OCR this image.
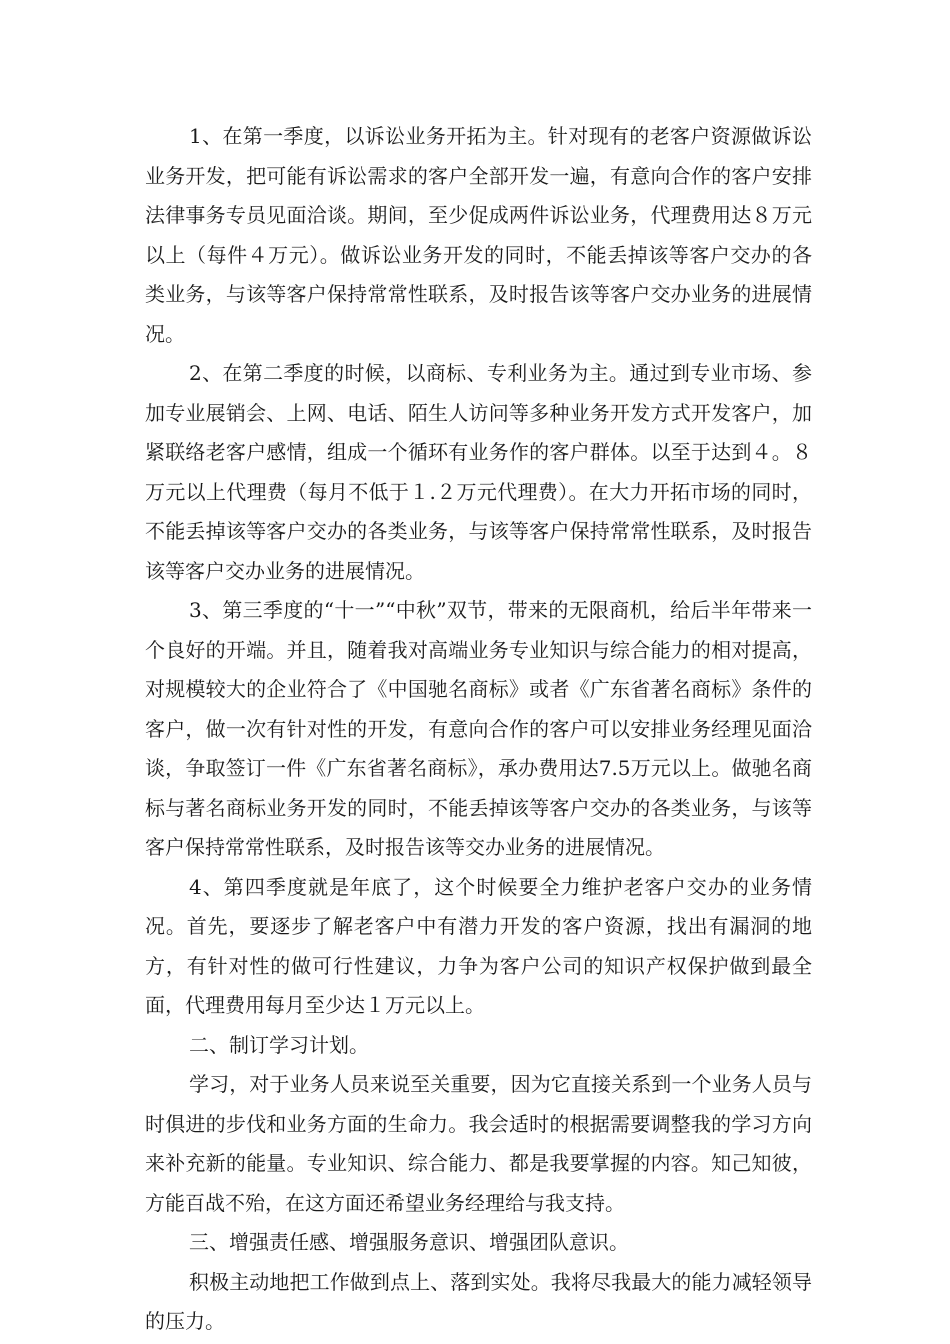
1、在第一季度，以诉讼业务开拓为主。针对现有的老客户资源做诉讼业务开发，把可能有诉讼需求的客户全部开发一遍，有意向合作的客户安排法律事务专员见面洽谈。期间，至少促成两件诉讼业务，代理费用达８万元以上（每件４万元）。做诉讼业务开发的同时，不能丢掉该等客户交办的各类业务，与该等客户保持常常性联系，及时报告该等客户交办业务的进展情况。

2、在第二季度的时候，以商标、专利业务为主。通过到专业市场、参加专业展销会、上网、电话、陌生人访问等多种业务开发方式开发客户，加紧联络老客户感情，组成一个循环有业务作的客户群体。以至于达到４。８万元以上代理费（每月不低于１.２万元代理费）。在大力开拓市场的同时，不能丢掉该等客户交办的各类业务，与该等客户保持常常性联系，及时报告该等客户交办业务的进展情况。

3、第三季度的“十一”“中秋”双节，带来的无限商机，给后半年带来一个良好的开端。并且，随着我对高端业务专业知识与综合能力的相对提高，对规模较大的企业符合了《中国驰名商标》或者《广东省著名商标》条件的客户，做一次有针对性的开发，有意向合作的客户可以安排业务经理见面洽谈，争取签订一件《广东省著名商标》，承办费用达7.5万元以上。做驰名商标与著名商标业务开发的同时，不能丢掉该等客户交办的各类业务，与该等客户保持常常性联系，及时报告该等交办业务的进展情况。

4、第四季度就是年底了，这个时候要全力维护老客户交办的业务情况。首先，要逐步了解老客户中有潜力开发的客户资源，找出有漏洞的地方，有针对性的做可行性建议，力争为客户公司的知识产权保护做到最全面，代理费用每月至少达１万元以上。

二、制订学习计划。

学习，对于业务人员来说至关重要，因为它直接关系到一个业务人员与时俱进的步伐和业务方面的生命力。我会适时的根据需要调整我的学习方向来补充新的能量。专业知识、综合能力、都是我要掌握的内容。知己知彼，方能百战不殆，在这方面还希望业务经理给与我支持。

三、增强责任感、增强服务意识、增强团队意识。

积极主动地把工作做到点上、落到实处。我将尽我最大的能力减轻领导的压力。
